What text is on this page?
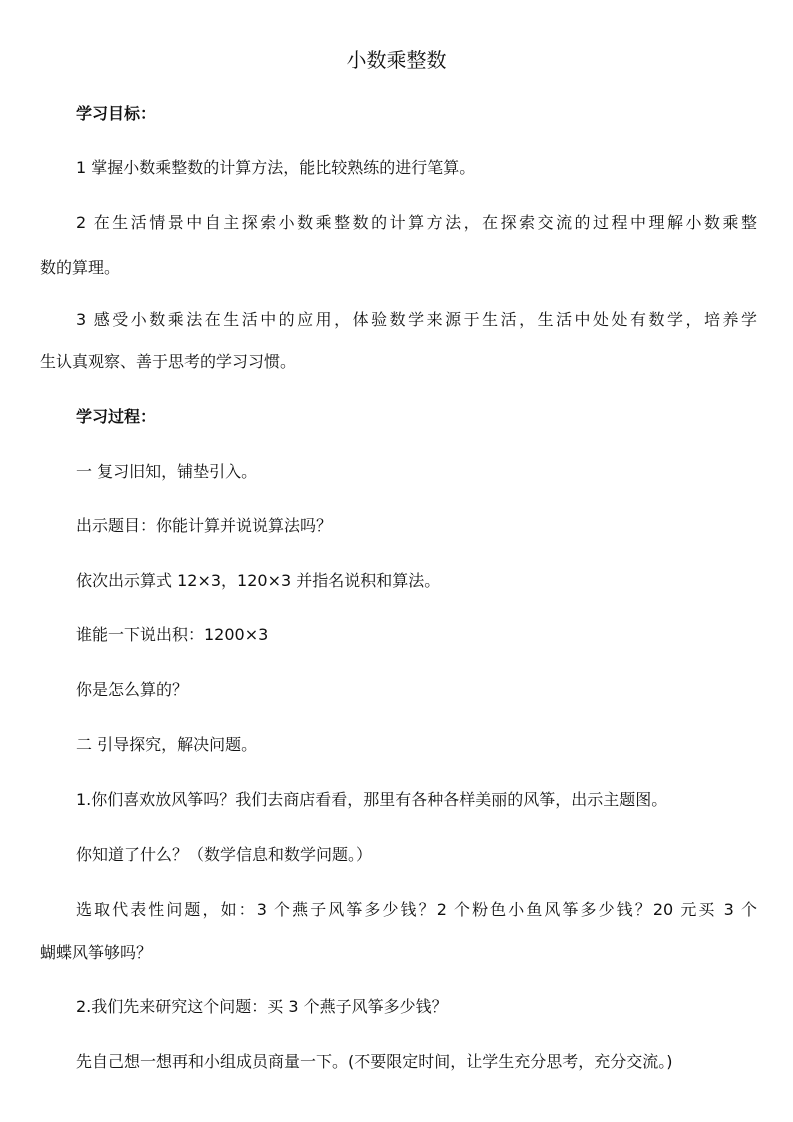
小数乘整数
学习目标：
1 掌握小数乘整数的计算方法，能比较熟练的进行笔算。
2 在生活情景中自主探索小数乘整数的计算方法，在探索交流的过程中理解小数乘整
数的算理。
3 感受小数乘法在生活中的应用，体验数学来源于生活，生活中处处有数学，培养学
生认真观察、善于思考的学习习惯。
学习过程：
一 复习旧知，铺垫引入。
出示题目：你能计算并说说算法吗？
依次出示算式 12×3，120×3 并指名说积和算法。
谁能一下说出积：1200×3
你是怎么算的？
二 引导探究，解决问题。
1.你们喜欢放风筝吗？我们去商店看看，那里有各种各样美丽的风筝，出示主题图。
你知道了什么？（数学信息和数学问题。）
选取代表性问题，如：3 个燕子风筝多少钱？2 个粉色小鱼风筝多少钱？20 元买 3 个
蝴蝶风筝够吗？
2.我们先来研究这个问题：买 3 个燕子风筝多少钱？
先自己想一想再和小组成员商量一下。(不要限定时间，让学生充分思考，充分交流。)
